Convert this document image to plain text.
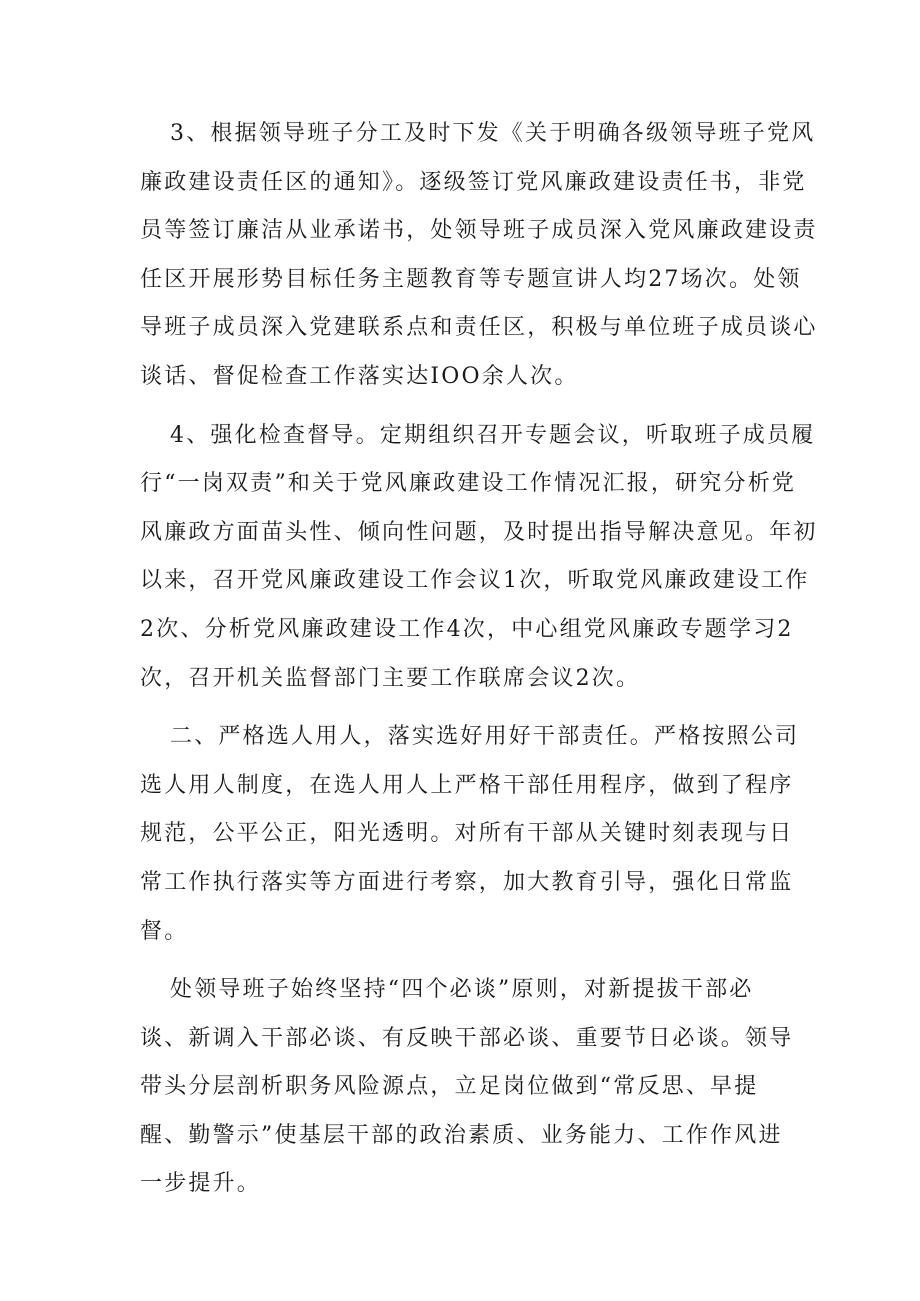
3、根据领导班子分工及时下发《关于明确各级领导班子党风
廉政建设责任区的通知》。逐级签订党风廉政建设责任书，非党
员等签订廉洁从业承诺书，处领导班子成员深入党风廉政建设责
任区开展形势目标任务主题教育等专题宣讲人均27场次。处领
导班子成员深入党建联系点和责任区，积极与单位班子成员谈心
谈话、督促检查工作落实达IOO余人次。
4、强化检查督导。定期组织召开专题会议，听取班子成员履
行“一岗双责”和关于党风廉政建设工作情况汇报，研究分析党
风廉政方面苗头性、倾向性问题，及时提出指导解决意见。年初
以来，召开党风廉政建设工作会议1次，听取党风廉政建设工作
2次、分析党风廉政建设工作4次，中心组党风廉政专题学习2
次，召开机关监督部门主要工作联席会议2次。
二、严格选人用人，落实选好用好干部责任。严格按照公司
选人用人制度，在选人用人上严格干部任用程序，做到了程序
规范，公平公正，阳光透明。对所有干部从关键时刻表现与日
常工作执行落实等方面进行考察，加大教育引导，强化日常监
督。
处领导班子始终坚持“四个必谈”原则，对新提拔干部必
谈、新调入干部必谈、有反映干部必谈、重要节日必谈。领导
带头分层剖析职务风险源点，立足岗位做到“常反思、早提
醒、勤警示”使基层干部的政治素质、业务能力、工作作风进
一步提升。
